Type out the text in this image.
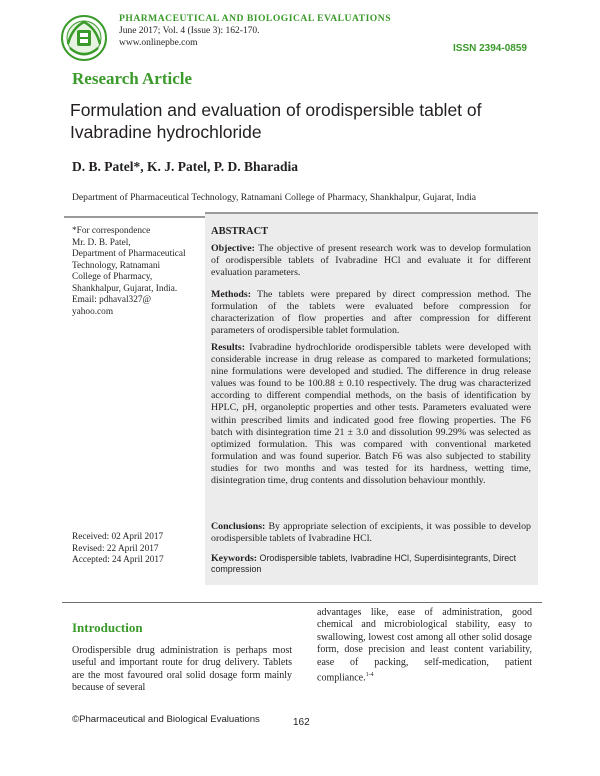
PHARMACEUTICAL AND BIOLOGICAL EVALUATIONS
June 2017; Vol. 4 (Issue 3): 162-170.
www.onlinepbe.com	ISSN 2394-0859
Research Article
Formulation and evaluation of orodispersible tablet of
Ivabradine hydrochloride
D. B. Patel*, K. J. Patel, P. D. Bharadia
Department of Pharmaceutical Technology, Ratnamani College of Pharmacy, Shankhalpur, Gujarat, India
*For correspondence
Mr. D. B. Patel,
Department of Pharmaceutical
Technology, Ratnamani
College of Pharmacy,
Shankhalpur, Gujarat, India.
Email: pdhaval327@
yahoo.com
Received: 02 April 2017
Revised: 22 April 2017
Accepted: 24 April 2017
ABSTRACT
Objective: The objective of present research work was to develop formulation of orodispersible tablets of Ivabradine HCl and evaluate it for different evaluation parameters.
Methods: The tablets were prepared by direct compression method. The formulation of the tablets were evaluated before compression for characterization of flow properties and after compression for different parameters of orodispersible tablet formulation.
Results: Ivabradine hydrochloride orodispersible tablets were developed with considerable increase in drug release as compared to marketed formulations; nine formulations were developed and studied. The difference in drug release values was found to be 100.88 ± 0.10 respectively. The drug was characterized according to different compendial methods, on the basis of identification by HPLC, pH, organoleptic properties and other tests. Parameters evaluated were within prescribed limits and indicated good free flowing properties. The F6 batch with disintegration time 21 ± 3.0 and dissolution 99.29% was selected as optimized formulation. This was compared with conventional marketed formulation and was found superior. Batch F6 was also subjected to stability studies for two months and was tested for its hardness, wetting time, disintegration time, drug contents and dissolution behaviour monthly.
Conclusions: By appropriate selection of excipients, it was possible to develop orodispersible tablets of Ivabradine HCl.
Keywords: Orodispersible tablets, Ivabradine HCl, Superdisintegrants, Direct compression
Introduction
Orodispersible drug administration is perhaps most useful and important route for drug delivery. Tablets are the most favoured oral solid dosage form mainly because of several
advantages like, ease of administration, good chemical and microbiological stability, easy to swallowing, lowest cost among all other solid dosage form, dose precision and least content variability, ease of packing, self-medication, patient compliance.$^{1-4}$
©Pharmaceutical and Biological Evaluations	162
